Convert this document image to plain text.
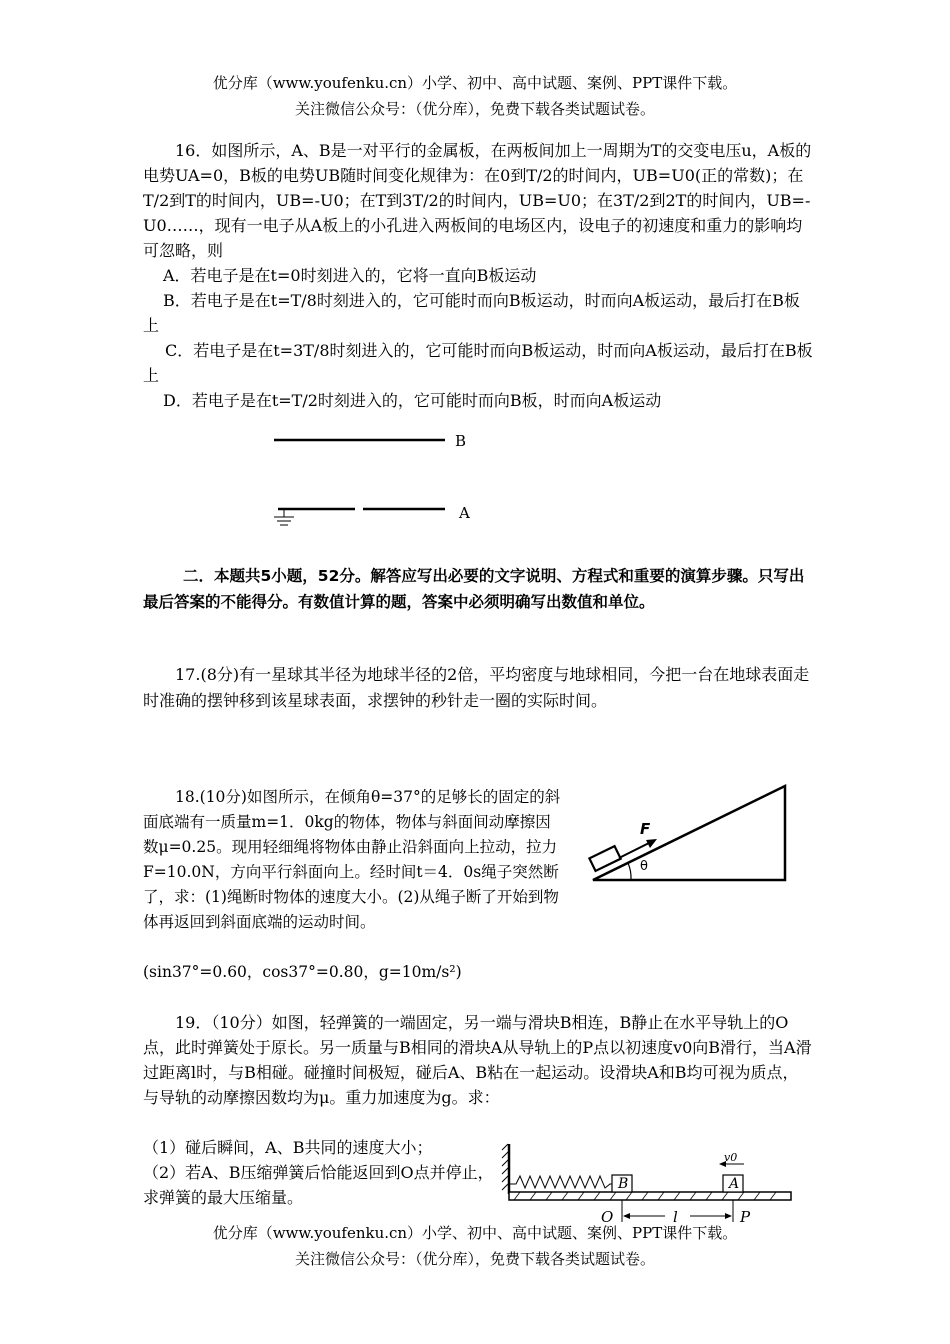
优分库（www.youfenku.cn）小学、初中、高中试题、案例、PPT课件下载。
关注微信公众号：（优分库），免费下载各类试题试卷。
16．如图所示，A、B是一对平行的金属板，在两板间加上一周期为T的交变电压u，A板的电势UA=0，B板的电势UB随时间变化规律为：在0到T/2的时间内，UB=U0(正的常数)；在T/2到T的时间内，UB=-U0；在T到3T/2的时间内，UB=U0；在3T/2到2T的时间内，UB=-U0……，现有一电子从A板上的小孔进入两板间的电场区内，设电子的初速度和重力的影响均可忽略，则
A．若电子是在t=0时刻进入的，它将一直向B板运动
B．若电子是在t=T/8时刻进入的，它可能时而向B板运动，时而向A板运动，最后打在B板上
C．若电子是在t=3T/8时刻进入的，它可能时而向B板运动，时而向A板运动，最后打在B板上
D．若电子是在t=T/2时刻进入的，它可能时而向B板，时而向A板运动
B
A
二．本题共5小题，52分。解答应写出必要的文字说明、方程式和重要的演算步骤。只写出最后答案的不能得分。有数值计算的题，答案中必须明确写出数值和单位。
17.(8分)有一星球其半径为地球半径的2倍，平均密度与地球相同，今把一台在地球表面走时准确的摆钟移到该星球表面，求摆钟的秒针走一圈的实际时间。
18.(10分)如图所示，在倾角θ=37°的足够长的固定的斜面底端有一质量m=1．0kg的物体，物体与斜面间动摩擦因数μ=0.25。现用轻细绳将物体由静止沿斜面向上拉动，拉力F=10.0N，方向平行斜面向上。经时间t＝4．0s绳子突然断了，求：(1)绳断时物体的速度大小。(2)从绳子断了开始到物体再返回到斜面底端的运动时间。
(sin37°=0.60，cos37°=0.80，g=10m/s²)
F
θ
19．（10分）如图，轻弹簧的一端固定，另一端与滑块B相连，B静止在水平导轨上的O点，此时弹簧处于原长。另一质量与B相同的滑块A从导轨上的P点以初速度v0向B滑行，当A滑过距离l时，与B相碰。碰撞时间极短，碰后A、B粘在一起运动。设滑块A和B均可视为质点，与导轨的动摩擦因数均为μ。重力加速度为g。求：
（1）碰后瞬间，A、B共同的速度大小；
（2）若A、B压缩弹簧后恰能返回到O点并停止，求弹簧的最大压缩量。
B	A
v0
O	l	P
优分库（www.youfenku.cn）小学、初中、高中试题、案例、PPT课件下载。
关注微信公众号：（优分库），免费下载各类试题试卷。
